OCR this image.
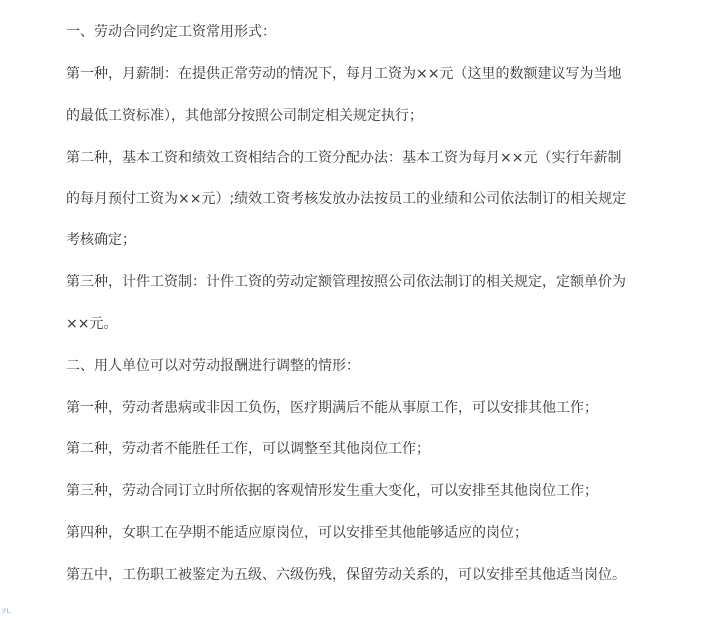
一、劳动合同约定工资常用形式：
第一种，月薪制：在提供正常劳动的情况下，每月工资为××元（这里的数额建议写为当地
的最低工资标准），其他部分按照公司制定相关规定执行；
第二种，基本工资和绩效工资相结合的工资分配办法：基本工资为每月××元（实行年薪制
的每月预付工资为××元）;绩效工资考核发放办法按员工的业绩和公司依法制订的相关规定
考核确定；
第三种，计件工资制：计件工资的劳动定额管理按照公司依法制订的相关规定，定额单价为
××元。
二、用人单位可以对劳动报酬进行调整的情形：
第一种，劳动者患病或非因工负伤，医疗期满后不能从事原工作，可以安排其他工作；
第二种，劳动者不能胜任工作，可以调整至其他岗位工作；
第三种，劳动合同订立时所依据的客观情形发生重大变化，可以安排至其他岗位工作；
第四种，女职工在孕期不能适应原岗位，可以安排至其他能够适应的岗位；
第五中，工伤职工被鉴定为五级、六级伤残，保留劳动关系的，可以安排至其他适当岗位。
ℱL
